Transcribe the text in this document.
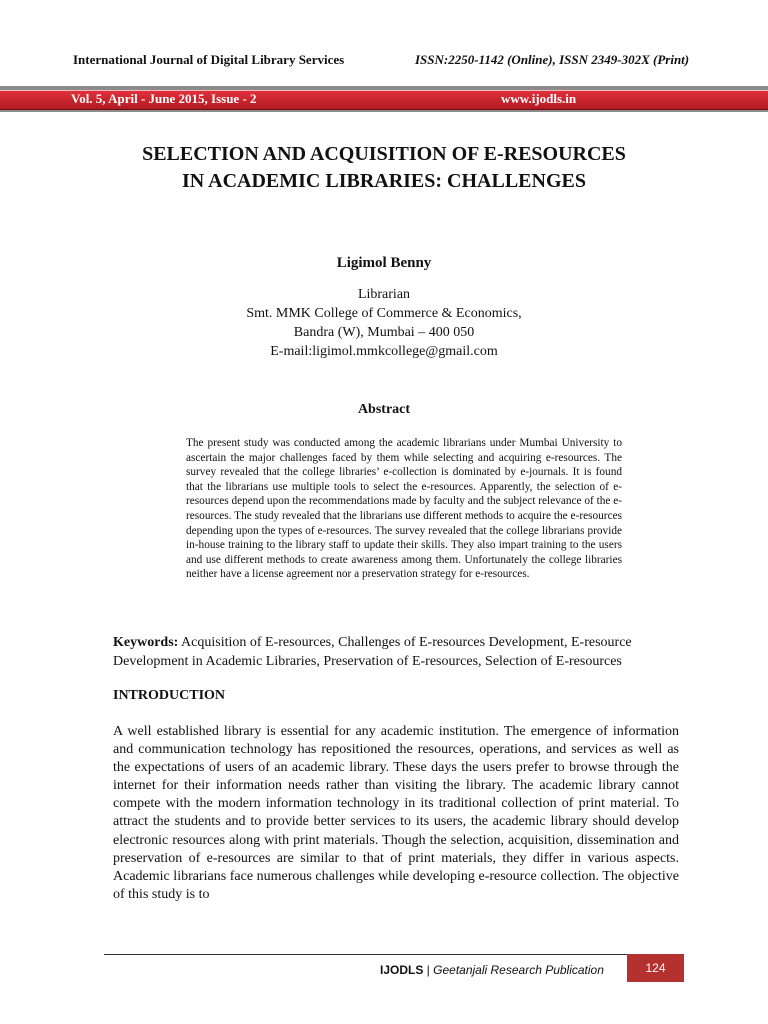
International Journal of Digital Library Services	ISSN:2250-1142 (Online), ISSN 2349-302X (Print)
Vol. 5, April - June 2015, Issue - 2	www.ijodls.in
SELECTION AND ACQUISITION OF E-RESOURCES
IN ACADEMIC LIBRARIES: CHALLENGES
Ligimol Benny
Librarian
Smt. MMK College of Commerce & Economics,
Bandra (W), Mumbai – 400 050
E-mail:ligimol.mmkcollege@gmail.com
Abstract
The present study was conducted among the academic librarians under Mumbai University to ascertain the major challenges faced by them while selecting and acquiring e-resources. The survey revealed that the college libraries’ e-collection is dominated by e-journals. It is found that the librarians use multiple tools to select the e-resources. Apparently, the selection of e-resources depend upon the recommendations made by faculty and the subject relevance of the e-resources. The study revealed that the librarians use different methods to acquire the e-resources depending upon the types of e-resources. The survey revealed that the college librarians provide in-house training to the library staff to update their skills. They also impart training to the users and use different methods to create awareness among them. Unfortunately the college libraries neither have a license agreement nor a preservation strategy for e-resources.
Keywords: Acquisition of E-resources, Challenges of E-resources Development, E-resource Development in Academic Libraries, Preservation of E-resources, Selection of E-resources
INTRODUCTION
A well established library is essential for any academic institution. The emergence of information and communication technology has repositioned the resources, operations, and services as well as the expectations of users of an academic library. These days the users prefer to browse through the internet for their information needs rather than visiting the library. The academic library cannot compete with the modern information technology in its traditional collection of print material. To attract the students and to provide better services to its users, the academic library should develop electronic resources along with print materials. Though the selection, acquisition, dissemination and preservation of e-resources are similar to that of print materials, they differ in various aspects. Academic librarians face numerous challenges while developing e-resource collection. The objective of this study is to
IJODLS | Geetanjali Research Publication	124
